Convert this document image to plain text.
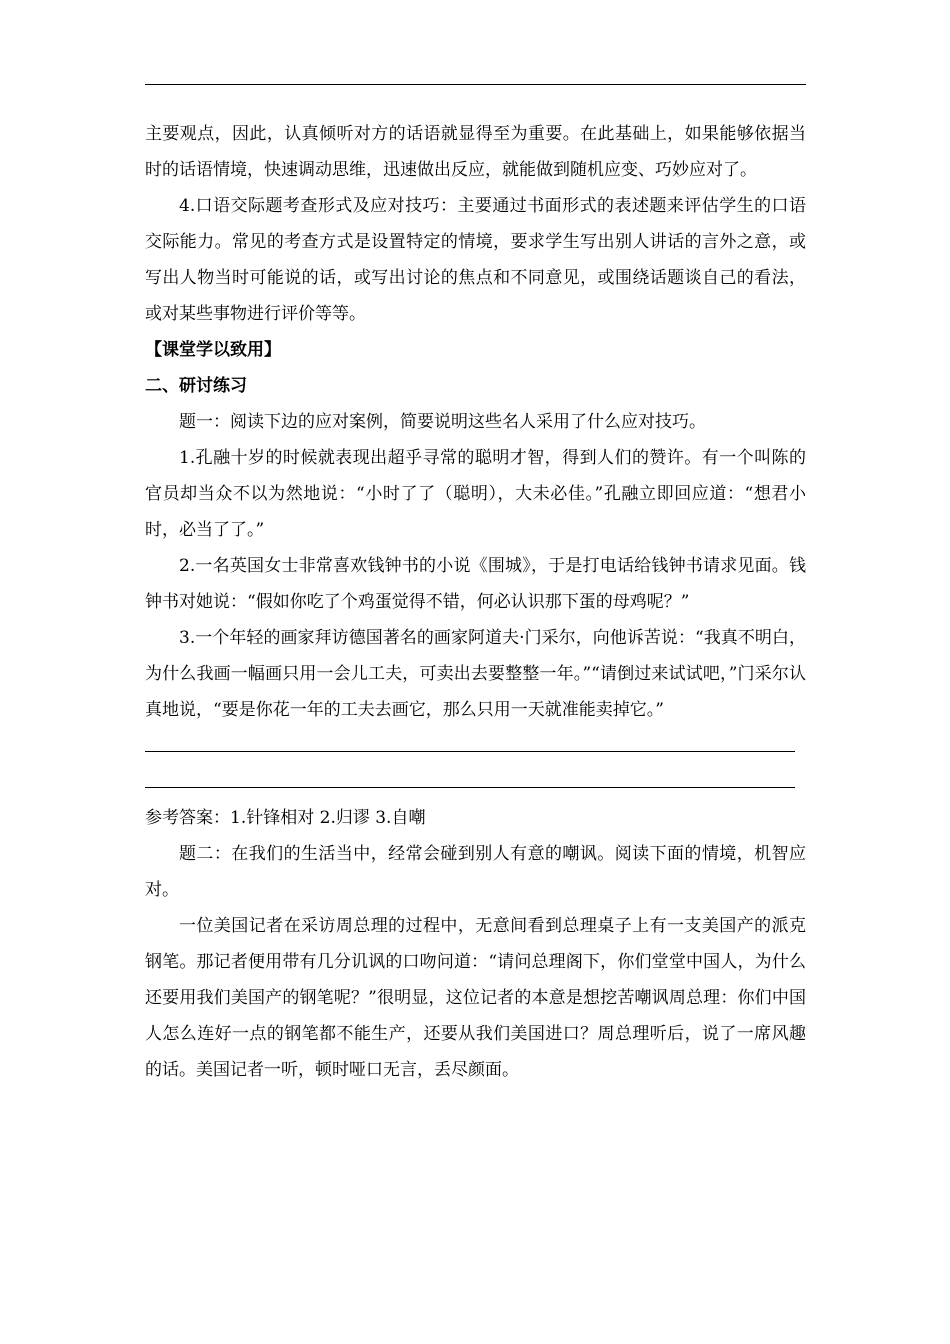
主要观点，因此，认真倾听对方的话语就显得至为重要。在此基础上，如果能够依据当时的话语情境，快速调动思维，迅速做出反应，就能做到随机应变、巧妙应对了。

4.口语交际题考查形式及应对技巧：主要通过书面形式的表述题来评估学生的口语交际能力。常见的考查方式是设置特定的情境，要求学生写出别人讲话的言外之意，或写出人物当时可能说的话，或写出讨论的焦点和不同意见，或围绕话题谈自己的看法，或对某些事物进行评价等等。

【课堂学以致用】

二、研讨练习

题一：阅读下边的应对案例，简要说明这些名人采用了什么应对技巧。

1.孔融十岁的时候就表现出超乎寻常的聪明才智，得到人们的赞许。有一个叫陈的官员却当众不以为然地说：“小时了了（聪明），大未必佳。”孔融立即回应道：“想君小时，必当了了。”

2.一名英国女士非常喜欢钱钟书的小说《围城》，于是打电话给钱钟书请求见面。钱钟书对她说：“假如你吃了个鸡蛋觉得不错，何必认识那下蛋的母鸡呢？”

3.一个年轻的画家拜访德国著名的画家阿道夫·门采尔，向他诉苦说：“我真不明白，为什么我画一幅画只用一会儿工夫，可卖出去要整整一年。”“请倒过来试试吧，”门采尔认真地说，“要是你花一年的工夫去画它，那么只用一天就准能卖掉它。”

参考答案：1.针锋相对 2.归谬 3.自嘲

题二：在我们的生活当中，经常会碰到别人有意的嘲讽。阅读下面的情境，机智应对。

一位美国记者在采访周总理的过程中，无意间看到总理桌子上有一支美国产的派克钢笔。那记者便用带有几分讥讽的口吻问道：“请问总理阁下，你们堂堂中国人，为什么还要用我们美国产的钢笔呢？”很明显，这位记者的本意是想挖苦嘲讽周总理：你们中国人怎么连好一点的钢笔都不能生产，还要从我们美国进口？周总理听后，说了一席风趣的话。美国记者一听，顿时哑口无言，丢尽颜面。
